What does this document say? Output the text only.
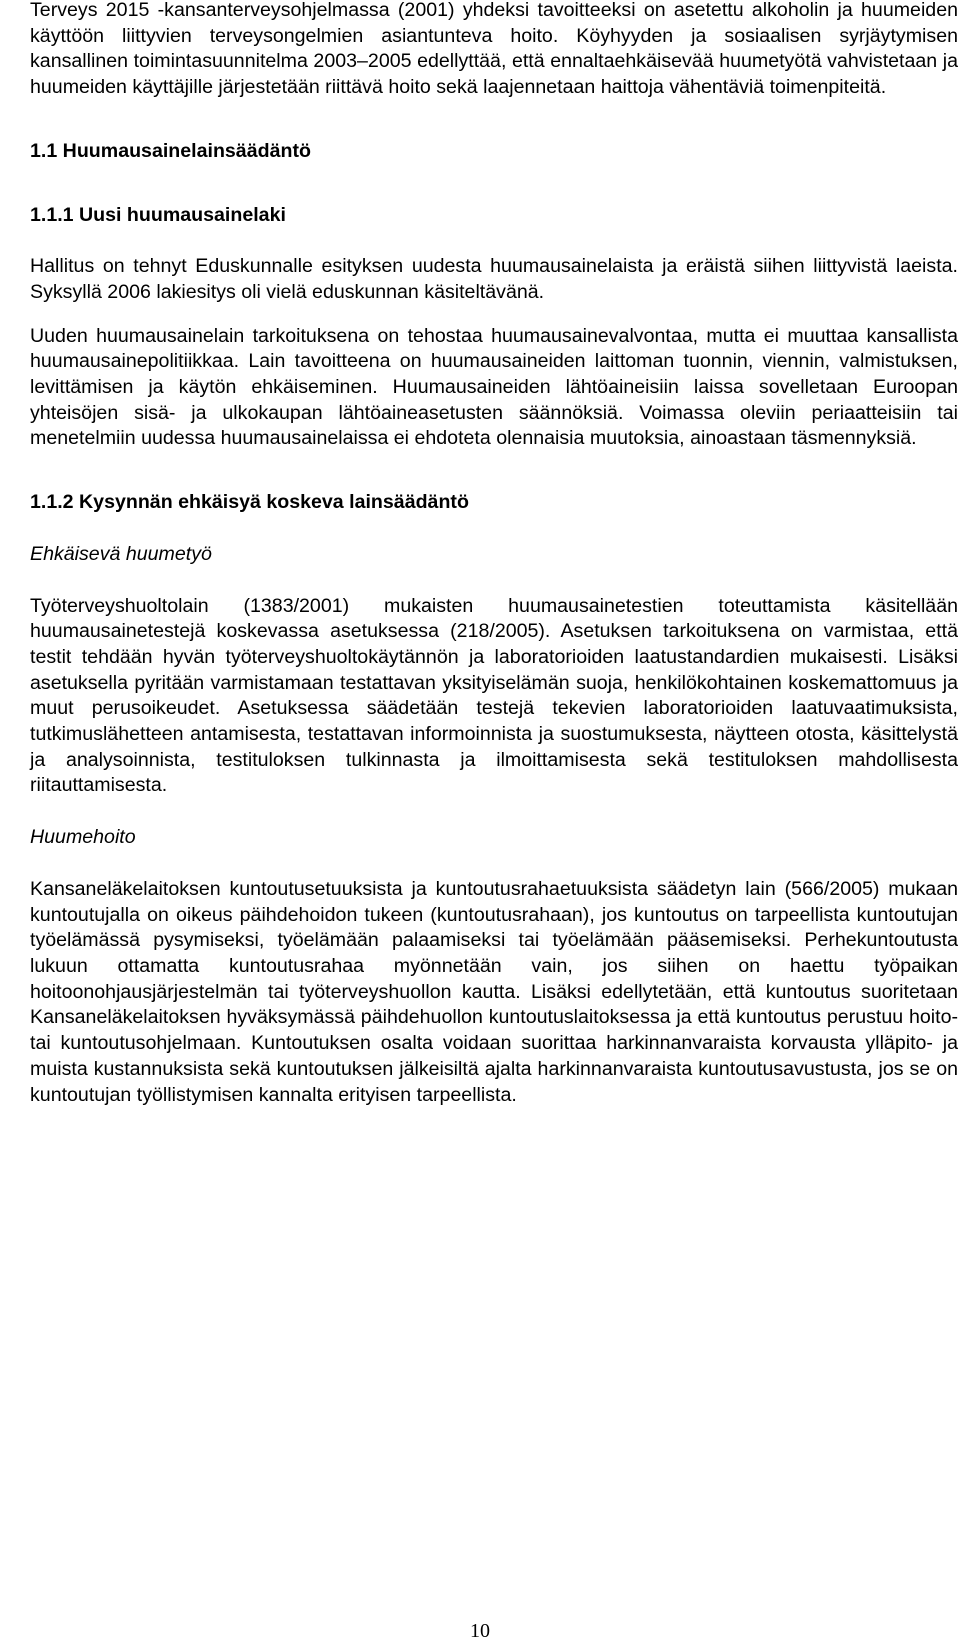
Terveys 2015 -kansanterveysohjelmassa (2001) yhdeksi tavoitteeksi on asetettu alkoholin ja huumeiden käyttöön liittyvien terveysongelmien asiantunteva hoito. Köyhyyden ja sosiaalisen syrjäytymisen kansallinen toimintasuunnitelma 2003–2005 edellyttää, että ennaltaehkäisevää huumetyötä vahvistetaan ja huumeiden käyttäjille järjestetään riittävä hoito sekä laajennetaan haittoja vähentäviä toimenpiteitä.

1.1 Huumausainelainsäädäntö
1.1.1 Uusi huumausainelaki

Hallitus on tehnyt Eduskunnalle esityksen uudesta huumausainelaista ja eräistä siihen liittyvistä laeista. Syksyllä 2006 lakiesitys oli vielä eduskunnan käsiteltävänä.

Uuden huumausainelain tarkoituksena on tehostaa huumausainevalvontaa, mutta ei muuttaa kansallista huumausainepolitiikkaa. Lain tavoitteena on huumausaineiden laittoman tuonnin, viennin, valmistuksen, levittämisen ja käytön ehkäiseminen. Huumausaineiden lähtöaineisiin laissa sovelletaan Euroopan yhteisöjen sisä- ja ulkokaupan lähtöaineasetusten säännöksiä. Voimassa oleviin periaatteisiin tai menetelmiin uudessa huumausainelaissa ei ehdoteta olennaisia muutoksia, ainoastaan täsmennyksiä.

1.1.2 Kysynnän ehkäisyä koskeva lainsäädäntö
Ehkäisevä huumetyö

Työterveyshuoltolain (1383/2001) mukaisten huumausainetestien toteuttamista käsitellään huumausainetestejä koskevassa asetuksessa (218/2005). Asetuksen tarkoituksena on varmistaa, että testit tehdään hyvän työterveyshuoltokäytännön ja laboratorioiden laatustandardien mukaisesti. Lisäksi asetuksella pyritään varmistamaan testattavan yksityiselämän suoja, henkilökohtainen koskemattomuus ja muut perusoikeudet. Asetuksessa säädetään testejä tekevien laboratorioiden laatuvaatimuksista, tutkimuslähetteen antamisesta, testattavan informoinnista ja suostumuksesta, näytteen otosta, käsittelystä ja analysoinnista, testituloksen tulkinnasta ja ilmoittamisesta sekä testituloksen mahdollisesta riitauttamisesta.

Huumehoito

Kansaneläkelaitoksen kuntoutusetuuksista ja kuntoutusrahaetuuksista säädetyn lain (566/2005) mukaan kuntoutujalla on oikeus päihdehoidon tukeen (kuntoutusrahaan), jos kuntoutus on tarpeellista kuntoutujan työelämässä pysymiseksi, työelämään palaamiseksi tai työelämään pääsemiseksi. Perhekuntoutusta lukuun ottamatta kuntoutusrahaa myönnetään vain, jos siihen on haettu työpaikan hoitoonohjausjärjestelmän tai työterveyshuollon kautta. Lisäksi edellytetään, että kuntoutus suoritetaan Kansaneläkelaitoksen hyväksymässä päihdehuollon kuntoutuslaitoksessa ja että kuntoutus perustuu hoito- tai kuntoutusohjelmaan. Kuntoutuksen osalta voidaan suorittaa harkinnanvaraista korvausta ylläpito- ja muista kustannuksista sekä kuntoutuksen jälkeisiltä ajalta harkinnanvaraista kuntoutusavustusta, jos se on kuntoutujan työllistymisen kannalta erityisen tarpeellista.

10
